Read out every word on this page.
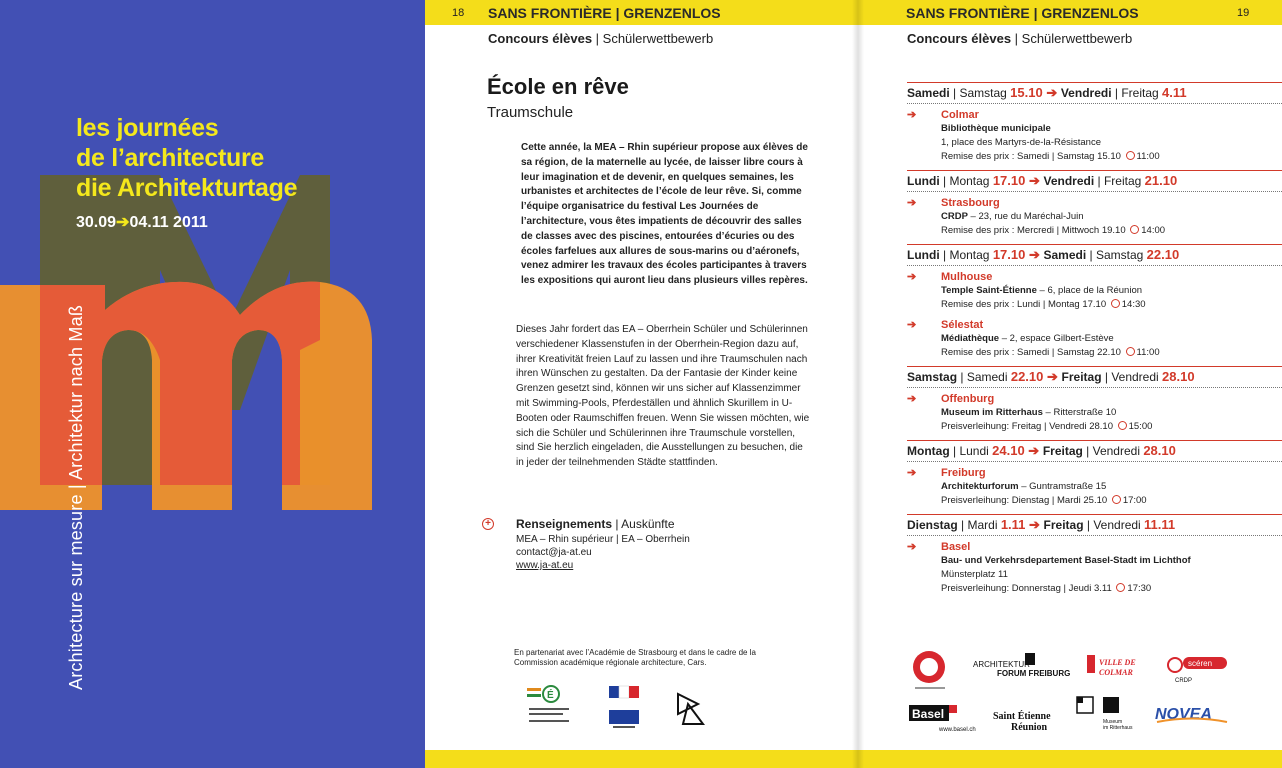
les journées
de l’architecture
die Architekturtage
30.09➔04.11 2011
Architecture sur mesure | Architektur nach Maß
18 SANS FRONTIÈRE | GRENZENLOS
Concours élèves | Schülerwettbewerb
École en rêve
Traumschule
Cette année, la MEA – Rhin supérieur propose aux élèves de sa région, de la maternelle au lycée, de laisser libre cours à leur imagination et de devenir, en quelques semaines, les urbanistes et architectes de l’école de leur rêve. Si, comme l’équipe organisatrice du festival Les Journées de l’architecture, vous êtes impatients de découvrir des salles de classes avec des piscines, entourées d’écuries ou des écoles farfelues aux allures de sous-marins ou d’aéronefs, venez admirer les travaux des écoles participantes à travers les expositions qui auront lieu dans plusieurs villes repères.
Dieses Jahr fordert das EA – Oberrhein Schüler und Schülerinnen verschiedener Klassenstufen in der Oberrhein-Region dazu auf, ihrer Kreativität freien Lauf zu lassen und ihre Traumschulen nach ihren Wünschen zu gestalten. Da der Fantasie der Kinder keine Grenzen gesetzt sind, können wir uns sicher auf Klassenzimmer mit Swimming-Pools, Pferdeställen und ähnlich Skurillem in U-Booten oder Raumschiffen freuen. Wenn Sie wissen möchten, wie sich die Schüler und Schülerinnen ihre Traumschule vorstellen, sind Sie herzlich eingeladen, die Ausstellungen zu besuchen, die in jeder der teilnehmenden Städte stattfinden.
+ Renseignements | Auskünfte
MEA – Rhin supérieur | EA – Oberrhein
contact@ja-at.eu
www.ja-at.eu
En partenariat avec l’Académie de Strasbourg et dans le cadre de la Commission académique régionale architecture, Cars.
É
SANS FRONTIÈRE | GRENZENLOS	19
Concours élèves | Schülerwettbewerb
Samedi | Samstag 15.10 ➔ Vendredi | Freitag 4.11
➔ Colmar
Bibliothèque municipale
1, place des Martyrs-de-la-Résistance
Remise des prix : Samedi | Samstag 15.10 11:00
Lundi | Montag 17.10 ➔ Vendredi | Freitag 21.10
➔ Strasbourg
CRDP – 23, rue du Maréchal-Juin
Remise des prix : Mercredi | Mittwoch 19.10 14:00
Lundi | Montag 17.10 ➔ Samedi | Samstag 22.10
➔ Mulhouse
Temple Saint-Étienne – 6, place de la Réunion
Remise des prix : Lundi | Montag 17.10 14:30
➔ Sélestat
Médiathèque – 2, espace Gilbert-Estève
Remise des prix : Samedi | Samstag 22.10 11:00
Samstag | Samedi 22.10 ➔ Freitag | Vendredi 28.10
➔ Offenburg
Museum im Ritterhaus – Ritterstraße 10
Preisverleihung: Freitag | Vendredi 28.10 15:00
Montag | Lundi 24.10 ➔ Freitag | Vendredi 28.10
➔ Freiburg
Architekturforum – Guntramstraße 15
Preisverleihung: Dienstag | Mardi 25.10 17:00
Dienstag | Mardi 1.11 ➔ Freitag | Vendredi 11.11
➔ Basel
Bau- und Verkehrsdepartement Basel-Stadt im Lichthof
Münsterplatz 11
Preisverleihung: Donnerstag | Jeudi 3.11 17:30
ARCHITEKTUR
FORUM FREIBURG
VILLE DE
COLMAR
scéren
CRDP
Basel
www.basel.ch
Saint Étienne
Réunion	Museum
im Ritterhaus
NOVEA
